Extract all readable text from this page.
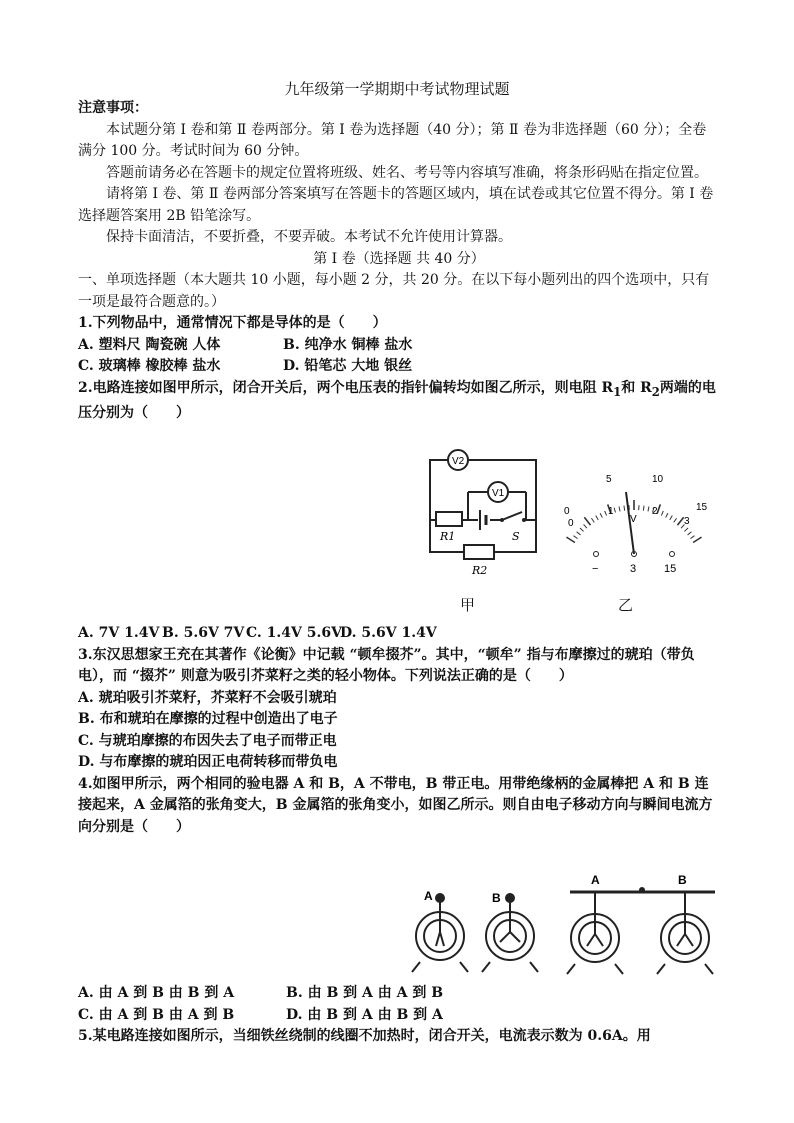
九年级第一学期期中考试物理试题

注意事项：

本试题分第 Ⅰ 卷和第 Ⅱ 卷两部分。第 Ⅰ 卷为选择题（40 分）；第 Ⅱ 卷为非选择题（60 分）；全卷满分 100 分。考试时间为 60 分钟。

答题前请务必在答题卡的规定位置将班级、姓名、考号等内容填写准确，将条形码贴在指定位置。

请将第 Ⅰ 卷、第 Ⅱ 卷两部分答案填写在答题卡的答题区域内，填在试卷或其它位置不得分。第 Ⅰ 卷选择题答案用 2B 铅笔涂写。

保持卡面清洁，不要折叠，不要弄破。本考试不允许使用计算器。

第 Ⅰ 卷（选择题 共 40 分）

一、单项选择题（本大题共 10 小题，每小题 2 分，共 20 分。在以下每小题列出的四个选项中，只有一项是最符合题意的。）

1.下列物品中，通常情况下都是导体的是（　　）

A. 塑料尺 陶瓷碗 人体	B. 纯净水 铜棒 盐水
C. 玻璃棒 橡胶棒 盐水	D. 铅笔芯 大地 银丝

2.电路连接如图甲所示，闭合开关后，两个电压表的指针偏转均如图乙所示，则电阻 $R_1$和 $R_2$两端的电压分别为（　　）

V2
V1
R1	S
R2
0
1	2
3
0
5	10
15
V
−	3	15
甲	乙
A. 7V 1.4V B. 5.6V 7V C. 1.4V 5.6V
D. 5.6V 1.4V

3.东汉思想家王充在其著作《论衡》中记载 “顿牟掇芥”。其中，“顿牟” 指与布摩擦过的琥珀（带负电），而 “掇芥” 则意为吸引芥菜籽之类的轻小物体。下列说法正确的是（　　）

A. 琥珀吸引芥菜籽，芥菜籽不会吸引琥珀

B. 布和琥珀在摩擦的过程中创造出了电子

C. 与琥珀摩擦的布因失去了电子而带正电

D. 与布摩擦的琥珀因正电荷转移而带负电

4.如图甲所示，两个相同的验电器 A 和 B，A 不带电，B 带正电。用带绝缘柄的金属棒把 A 和 B 连接起来，A 金属箔的张角变大，B 金属箔的张角变小，如图乙所示。则自由电子移动方向与瞬间电流方向分别是（　　）

A	B
A	B
A. 由 A 到 B 由 B 到 A	B. 由 B 到 A 由 A 到 B
C. 由 A 到 B 由 A 到 B	D. 由 B 到 A 由 B 到 A

5.某电路连接如图所示，当细铁丝绕制的线圈不加热时，闭合开关，电流表示数为 0.6A。用
